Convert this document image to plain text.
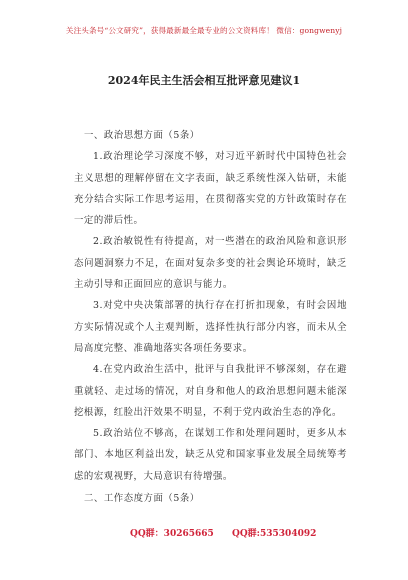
关注头条号“公文研究”，获得最新最全最专业的公文资料库！ 微信：gongwenyj
2024年民主生活会相互批评意见建议1

一、政治思想方面（5条）

1.政治理论学习深度不够，对习近平新时代中国特色社会主义思想的理解停留在文字表面，缺乏系统性深入钻研，未能充分结合实际工作思考运用，在贯彻落实党的方针政策时存在一定的滞后性。

2.政治敏锐性有待提高，对一些潜在的政治风险和意识形态问题洞察力不足，在面对复杂多变的社会舆论环境时，缺乏主动引导和正面回应的意识与能力。

3.对党中央决策部署的执行存在打折扣现象，有时会因地方实际情况或个人主观判断，选择性执行部分内容，而未从全局高度完整、准确地落实各项任务要求。

4.在党内政治生活中，批评与自我批评不够深刻，存在避重就轻、走过场的情况，对自身和他人的政治思想问题未能深挖根源，红脸出汗效果不明显，不利于党内政治生态的净化。

5.政治站位不够高，在谋划工作和处理问题时，更多从本部门、本地区利益出发，缺乏从党和国家事业发展全局统筹考虑的宏观视野，大局意识有待增强。

二、工作态度方面（5条）

QQ群：30265665 QQ群:535304092
